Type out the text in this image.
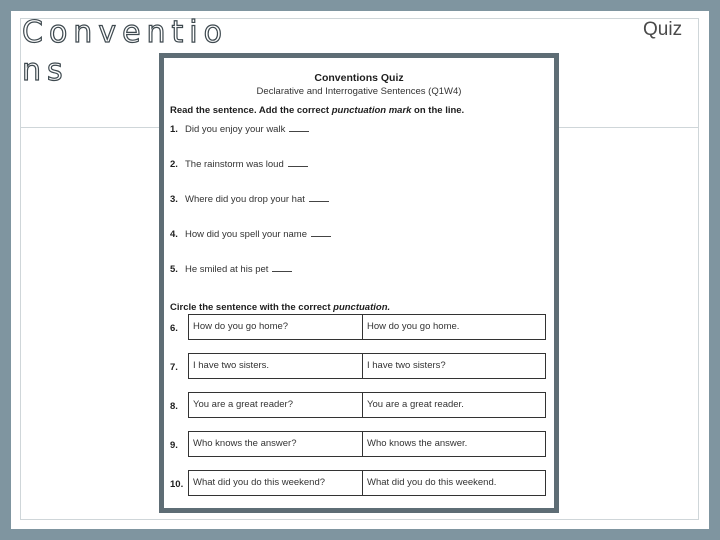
Conventions
Quiz
Conventions Quiz
Declarative and Interrogative Sentences (Q1W4)
Read the sentence. Add the correct punctuation mark on the line.
1. Did you enjoy your walk
2. The rainstorm was loud
3. Where did you drop your hat
4. How did you spell your name
5. He smiled at his pet
Circle the sentence with the correct punctuation.
6.	How do you go home?	How do you go home.
7.	I have two sisters.	I have two sisters?
8.	You are a great reader?	You are a great reader.
9.	Who knows the answer?	Who knows the answer.
10.	What did you do this weekend?	What did you do this weekend.
